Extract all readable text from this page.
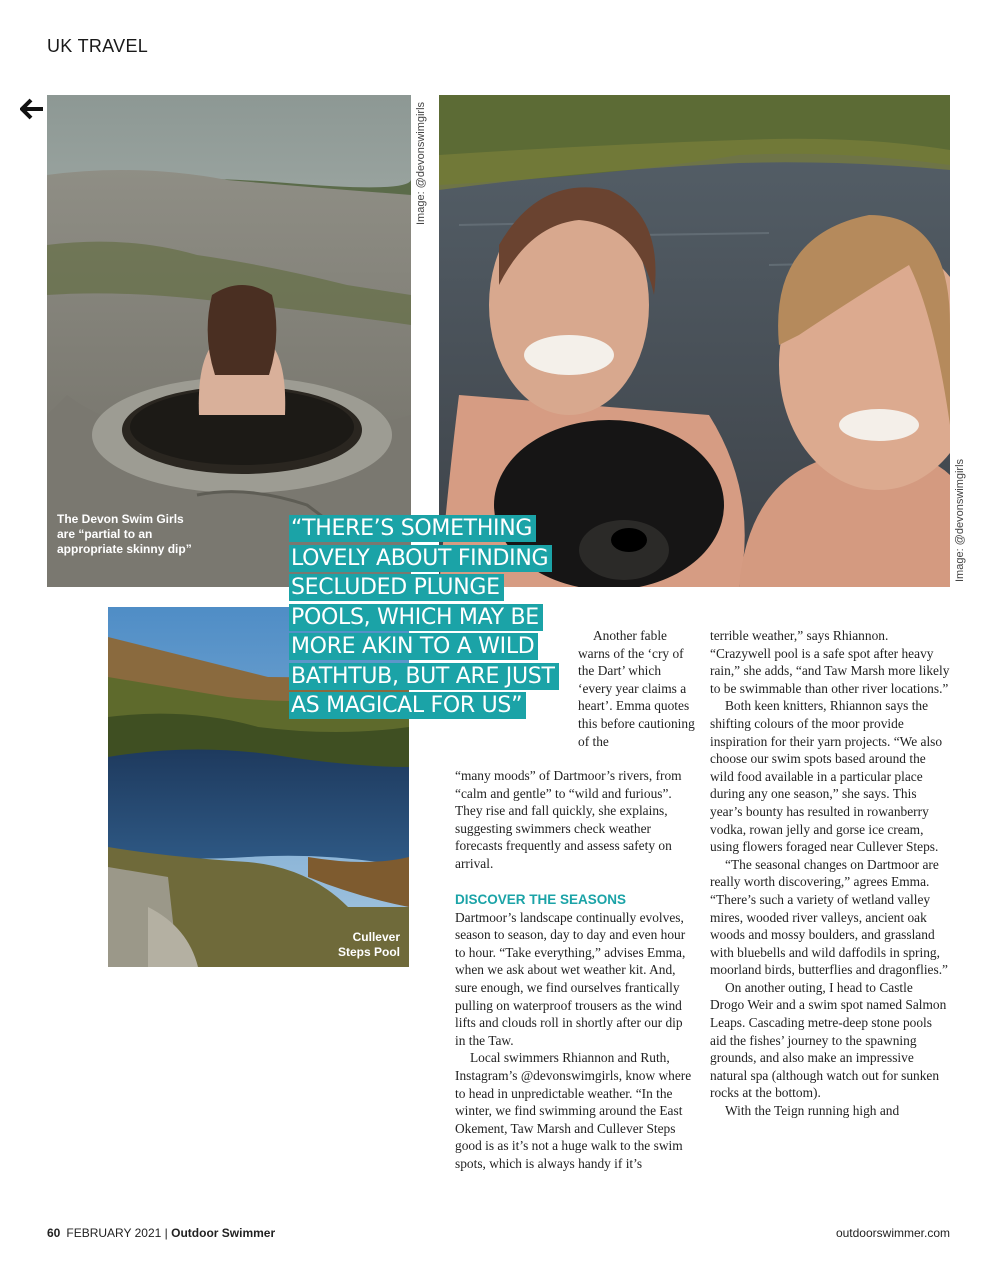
UK TRAVEL
Image: @devonswimgirls
The Devon Swim Girls are “partial to an appropriate skinny dip”	Image: @devonswimgirls
Cullever Steps Pool
“THERE’S SOMETHING LOVELY ABOUT FINDING SECLUDED PLUNGE POOLS, WHICH MAY BE MORE AKIN TO A WILD BATHTUB, BUT ARE JUST AS MAGICAL FOR US”

Another fable warns of the ‘cry of the Dart’ which ‘every year claims a heart’. Emma quotes this before cautioning of the

“many moods” of Dartmoor’s rivers, from “calm and gentle” to “wild and furious”. They rise and fall quickly, she explains, suggesting swimmers check weather forecasts frequently and assess safety on arrival.

DISCOVER THE SEASONS

Dartmoor’s landscape continually evolves, season to season, day to day and even hour to hour. “Take everything,” advises Emma, when we ask about wet weather kit. And, sure enough, we find ourselves frantically pulling on waterproof trousers as the wind lifts and clouds roll in shortly after our dip in the Taw.

Local swimmers Rhiannon and Ruth, Instagram’s @devonswimgirls, know where to head in unpredictable weather. “In the winter, we find swimming around the East Okement, Taw Marsh and Cullever Steps good is as it’s not a huge walk to the swim spots, which is always handy if it’s

terrible weather,” says Rhiannon. “Crazywell pool is a safe spot after heavy rain,” she adds, “and Taw Marsh more likely to be swimmable than other river locations.”

Both keen knitters, Rhiannon says the shifting colours of the moor provide inspiration for their yarn projects. “We also choose our swim spots based around the wild food available in a particular place during any one season,” she says. This year’s bounty has resulted in rowanberry vodka, rowan jelly and gorse ice cream, using flowers foraged near Cullever Steps.

“The seasonal changes on Dartmoor are really worth discovering,” agrees Emma. “There’s such a variety of wetland valley mires, wooded river valleys, ancient oak woods and mossy boulders, and grassland with bluebells and wild daffodils in spring, moorland birds, butterflies and dragonflies.”

On another outing, I head to Castle Drogo Weir and a swim spot named Salmon Leaps. Cascading metre-deep stone pools aid the fishes’ journey to the spawning grounds, and also make an impressive natural spa (although watch out for sunken rocks at the bottom).

With the Teign running high and

60 FEBRUARY 2021 | Outdoor Swimmer	outdoorswimmer.com
